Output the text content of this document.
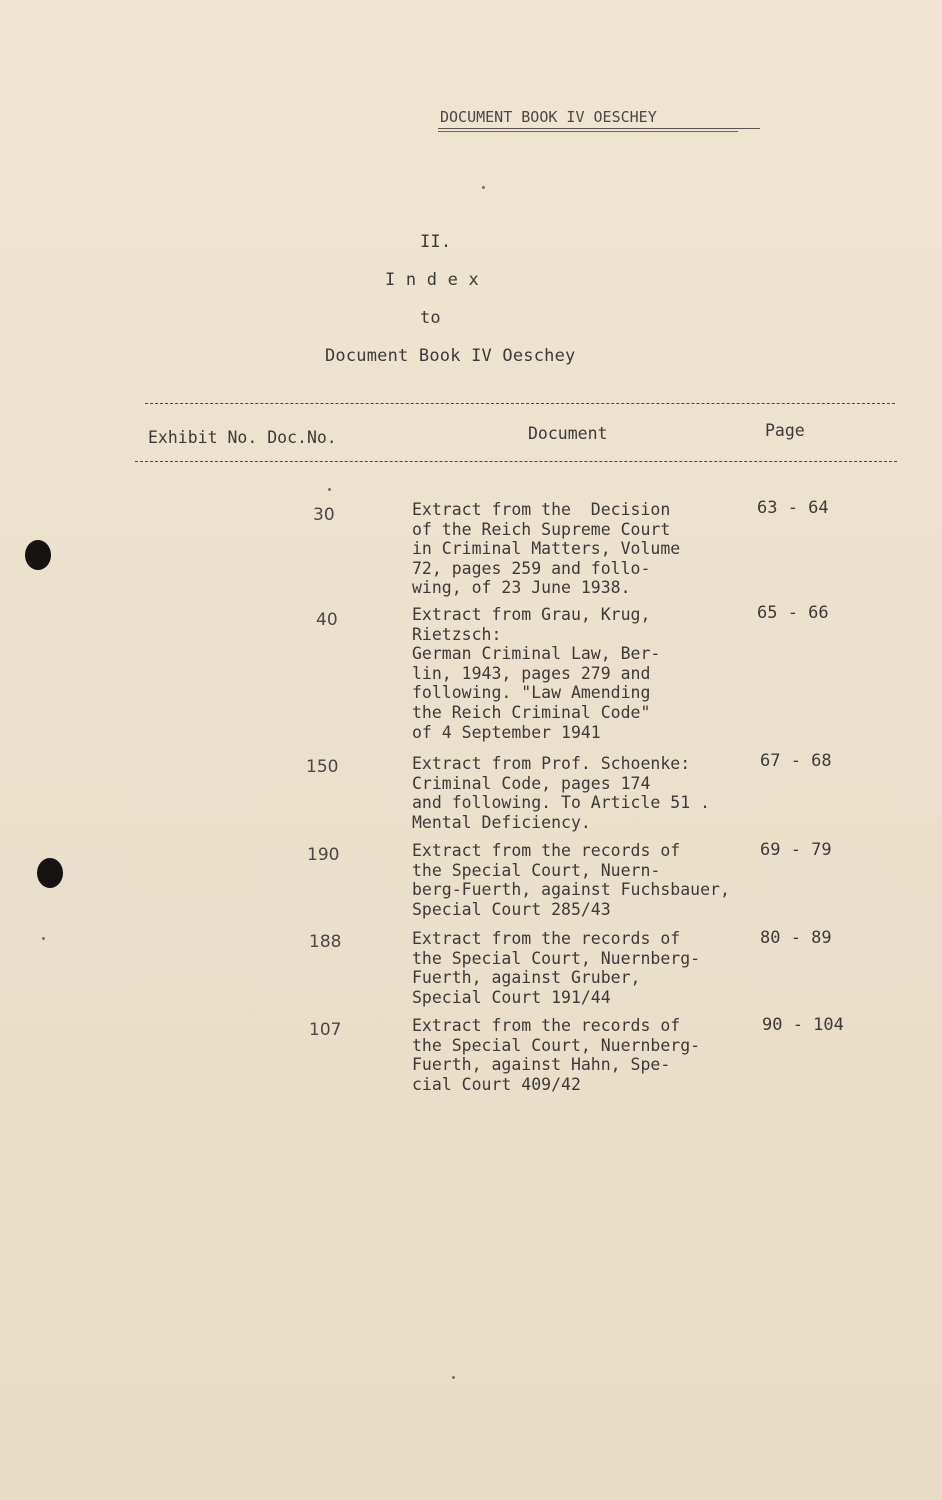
DOCUMENT BOOK IV OESCHEY
II.
I n d e x
to
Document Book IV Oeschey
Exhibit No. Doc.No.	Document	Page
30	Extract from the  Decision
of the Reich Supreme Court
in Criminal Matters, Volume
72, pages 259 and follo-
wing, of 23 June 1938.
63 - 64
40	Extract from Grau, Krug,
Rietzsch:
German Criminal Law, Ber-
lin, 1943, pages 279 and
following. "Law Amending
the Reich Criminal Code"
of 4 September 1941
65 - 66
150	Extract from Prof. Schoenke:
Criminal Code, pages 174
and following. To Article 51 .
Mental Deficiency.
67 - 68
190	Extract from the records of
the Special Court, Nuern-
berg-Fuerth, against Fuchsbauer,
Special Court 285/43
69 - 79
188	Extract from the records of
the Special Court, Nuernberg-
Fuerth, against Gruber,
Special Court 191/44
80 - 89
107	Extract from the records of
the Special Court, Nuernberg-
Fuerth, against Hahn, Spe-
cial Court 409/42
90 - 104
